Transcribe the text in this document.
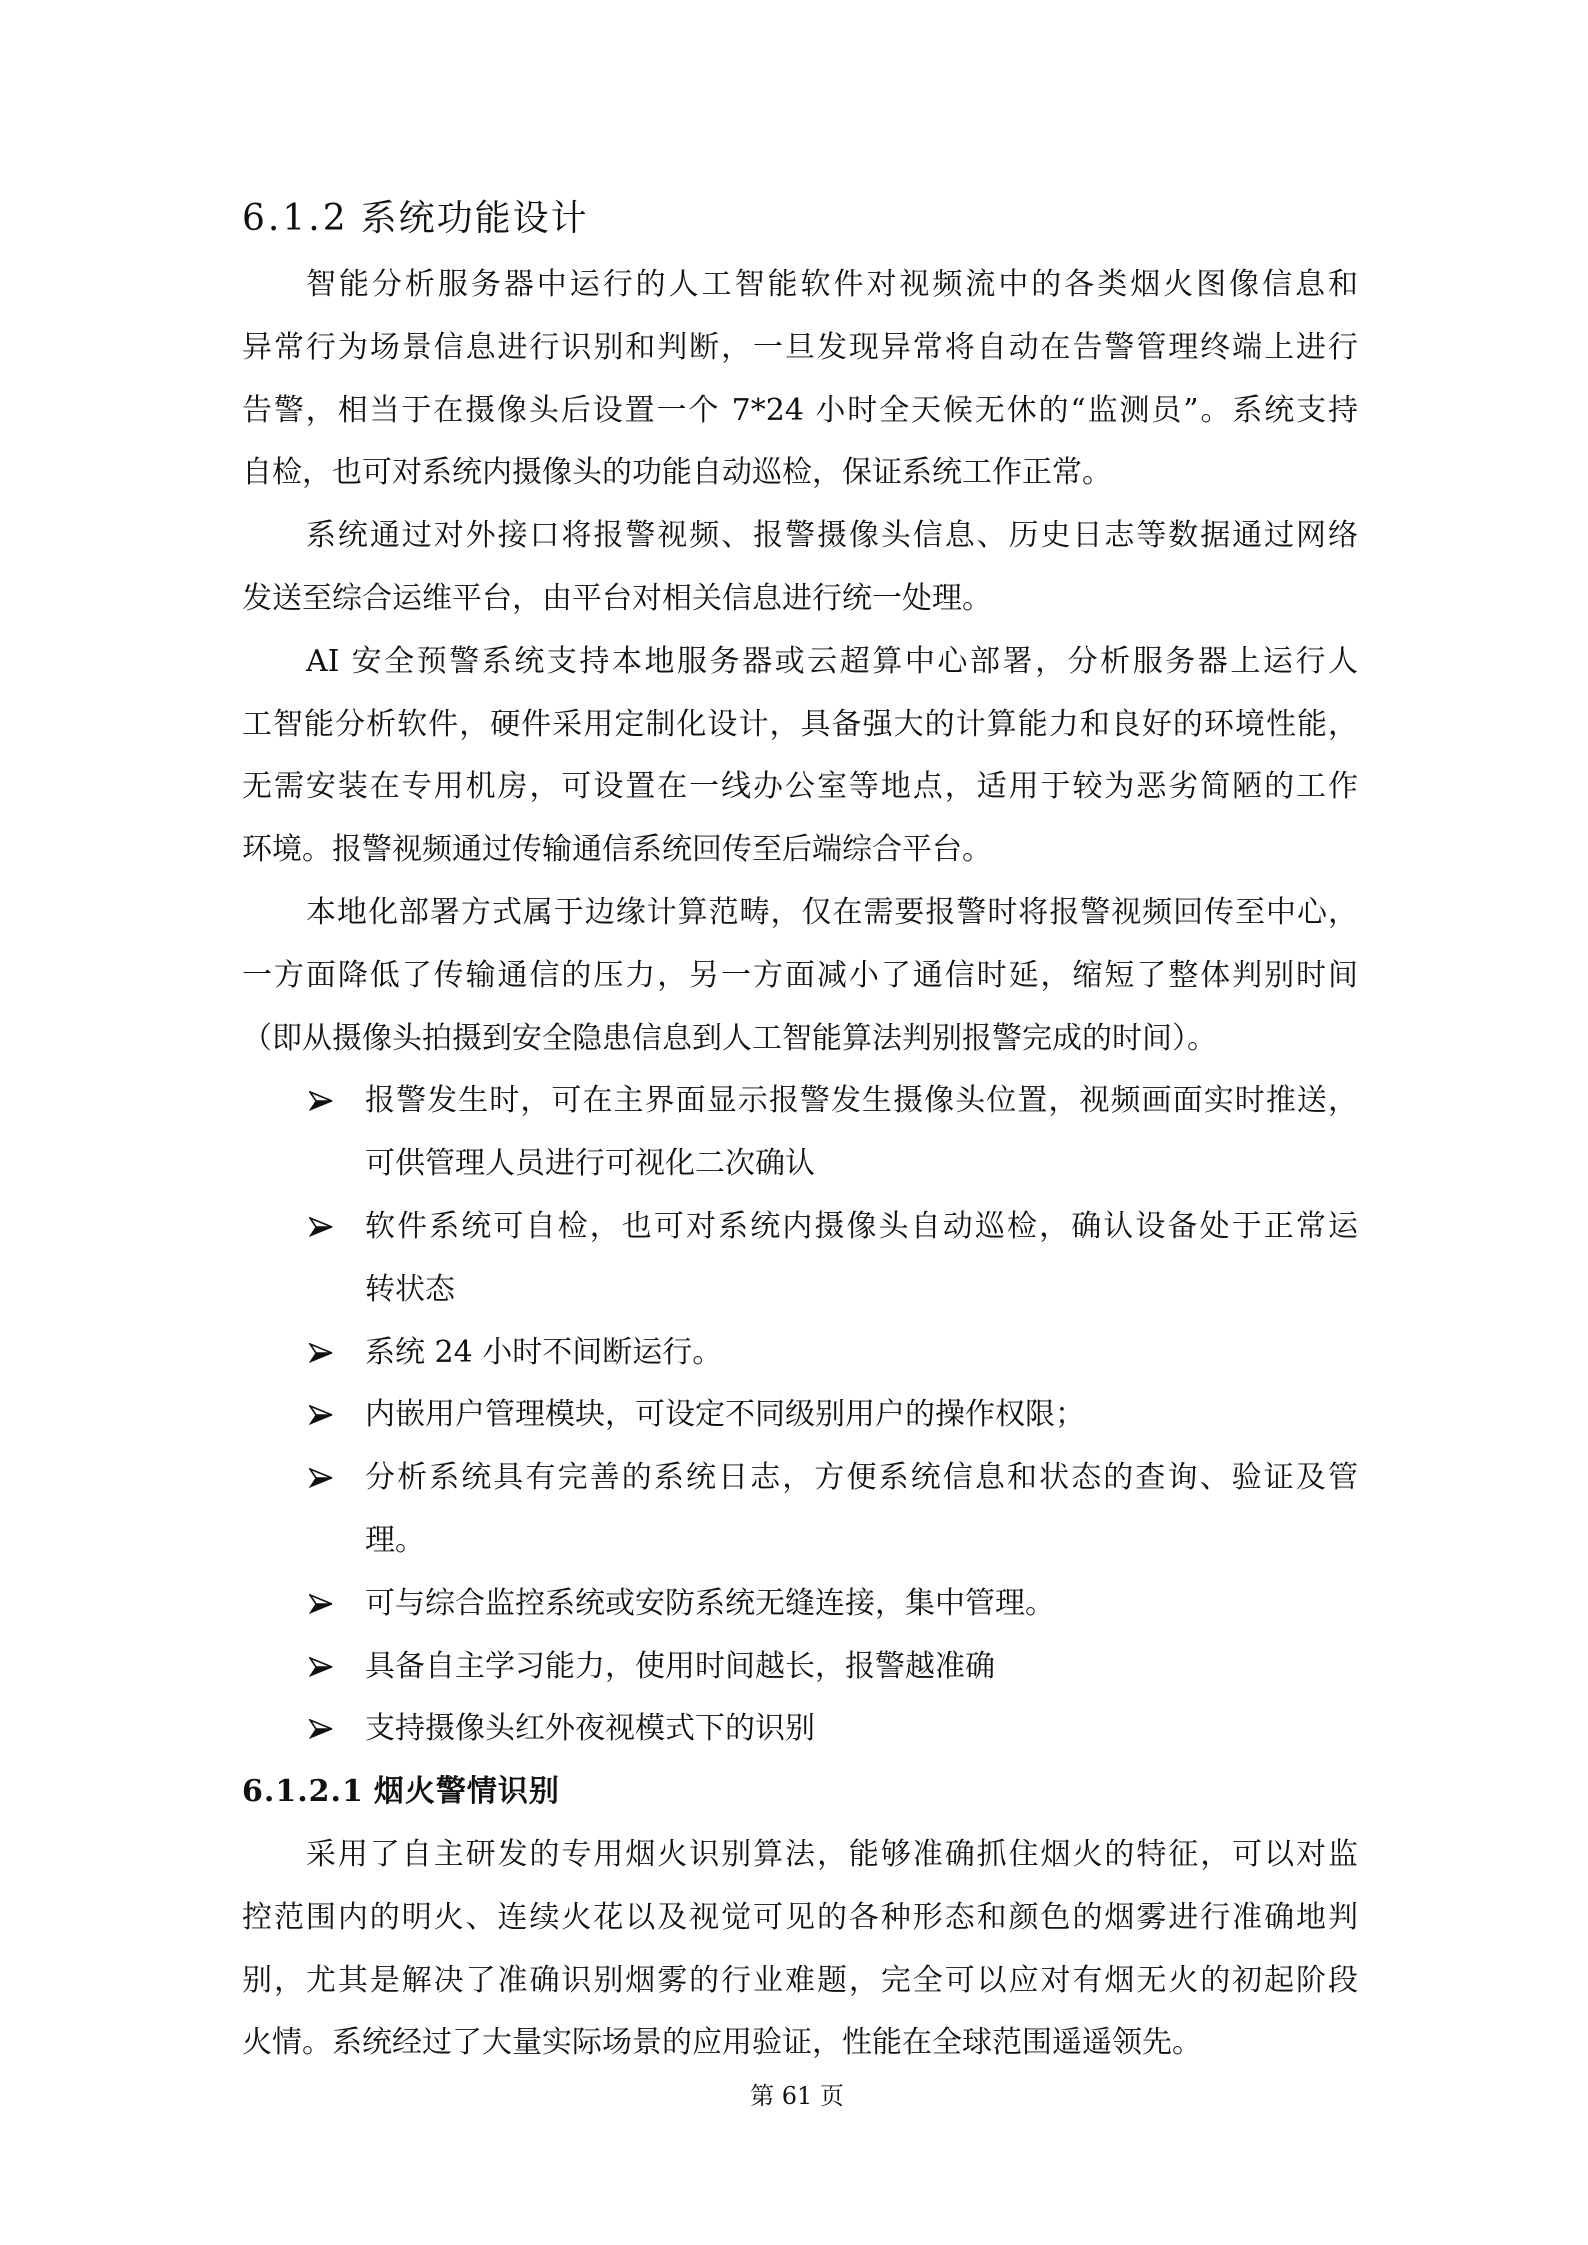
6.1.2 系统功能设计
智能分析服务器中运行的人工智能软件对视频流中的各类烟火图像信息和
异常行为场景信息进行识别和判断，一旦发现异常将自动在告警管理终端上进行
告警，相当于在摄像头后设置一个 7*24 小时全天候无休的“监测员”。系统支持
自检，也可对系统内摄像头的功能自动巡检，保证系统工作正常。
系统通过对外接口将报警视频、报警摄像头信息、历史日志等数据通过网络
发送至综合运维平台，由平台对相关信息进行统一处理。
AI 安全预警系统支持本地服务器或云超算中心部署，分析服务器上运行人
工智能分析软件，硬件采用定制化设计，具备强大的计算能力和良好的环境性能，
无需安装在专用机房，可设置在一线办公室等地点，适用于较为恶劣简陋的工作
环境。报警视频通过传输通信系统回传至后端综合平台。
本地化部署方式属于边缘计算范畴，仅在需要报警时将报警视频回传至中心，
一方面降低了传输通信的压力，另一方面减小了通信时延，缩短了整体判别时间
（即从摄像头拍摄到安全隐患信息到人工智能算法判别报警完成的时间）。
报警发生时，可在主界面显示报警发生摄像头位置，视频画面实时推送，
可供管理人员进行可视化二次确认
软件系统可自检，也可对系统内摄像头自动巡检，确认设备处于正常运
转状态
系统 24 小时不间断运行。
内嵌用户管理模块，可设定不同级别用户的操作权限；
分析系统具有完善的系统日志，方便系统信息和状态的查询、验证及管
理。
可与综合监控系统或安防系统无缝连接，集中管理。
具备自主学习能力，使用时间越长，报警越准确
支持摄像头红外夜视模式下的识别
6.1.2.1 烟火警情识别
采用了自主研发的专用烟火识别算法，能够准确抓住烟火的特征，可以对监
控范围内的明火、连续火花以及视觉可见的各种形态和颜色的烟雾进行准确地判
别，尤其是解决了准确识别烟雾的行业难题，完全可以应对有烟无火的初起阶段
火情。系统经过了大量实际场景的应用验证，性能在全球范围遥遥领先。
第 61 页
